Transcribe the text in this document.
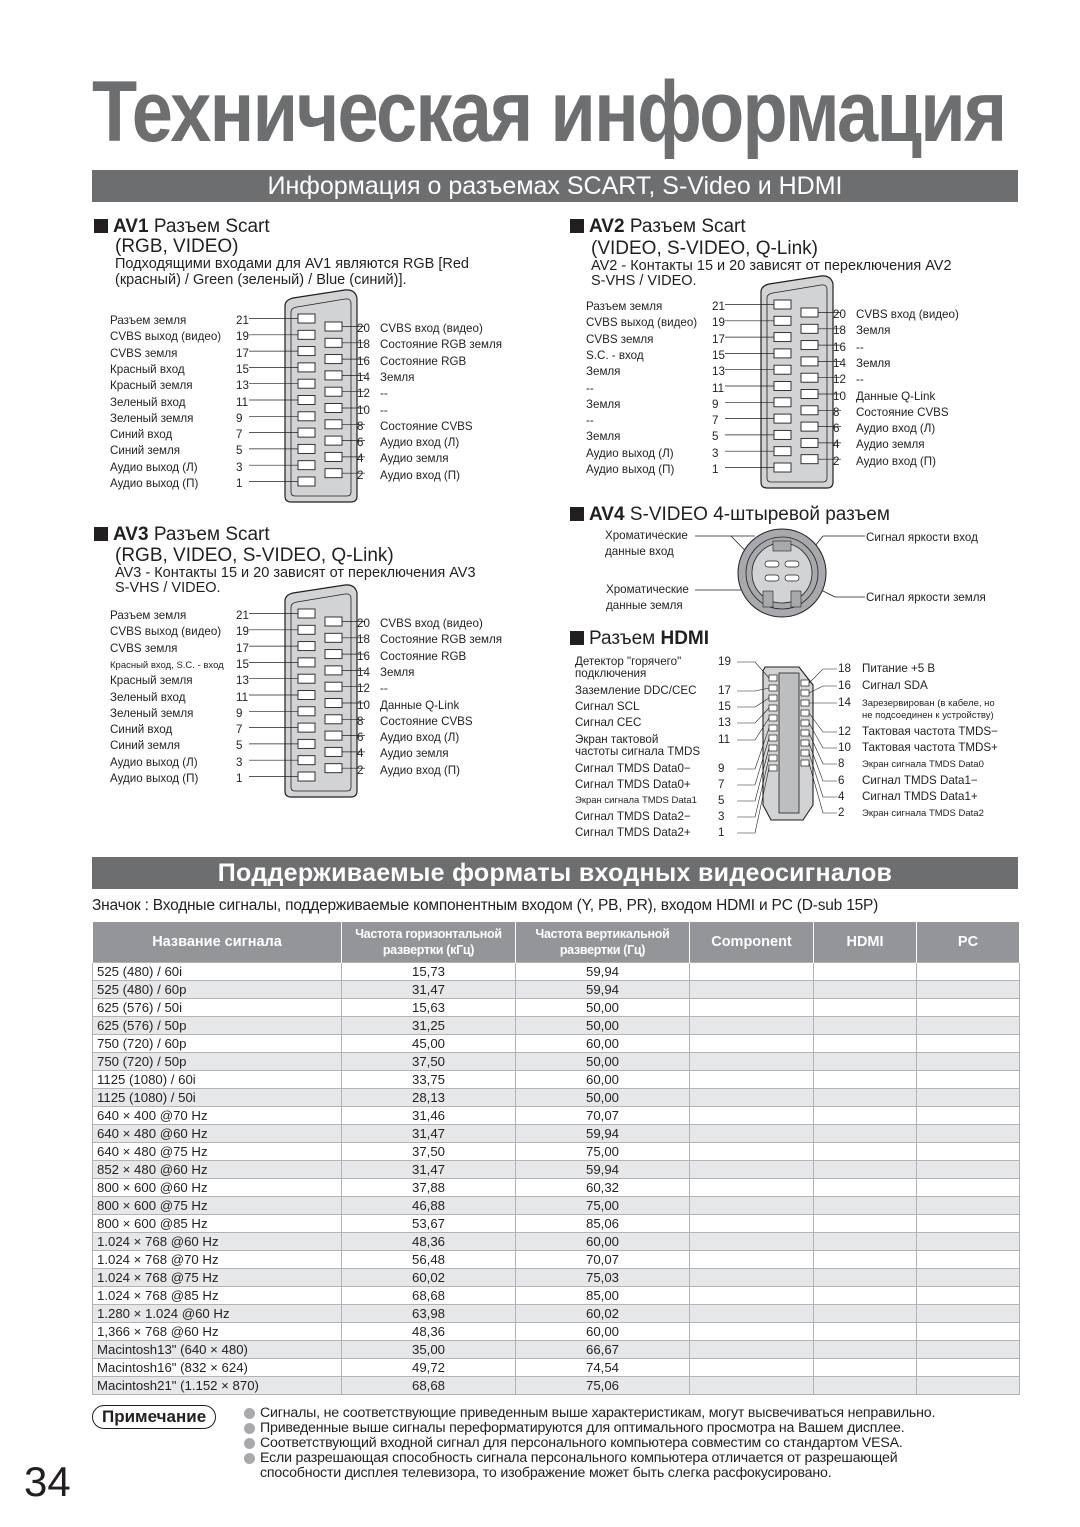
Техническая информация
Информация о разъемах SCART, S-Video и HDMI
AV1 Разъем Scart
(RGB, VIDEO)
Подходящими входами для AV1 являются RGB [Red
(красный) / Green (зеленый) / Blue (синий)].
Разъем земля	21
CVBS выход (видео) 19
CVBS земля	17
Красный вход	15
Красный земля	13
Зеленый вход	11
Зеленый земля	9
Синий вход	7
Синий земля	5
Аудио выход (Л)	3
Аудио выход (П)	1
20 CVBS вход (видео)
18 Состояние RGB земля
16 Состояние RGB
14 Земля
12 --
10 --
8 Состояние CVBS
6 Аудио вход (Л)
4 Аудио земля
2 Аудио вход (П)
AV2 Разъем Scart
(VIDEO, S-VIDEO, Q-Link)
AV2 - Контакты 15 и 20 зависят от переключения AV2
S-VHS / VIDEO.
Разъем земля	21
CVBS выход (видео) 19
CVBS земля	17
S.C. - вход	15
Земля	13
--	11
Земля	9
--	7
Земля	5
Аудио выход (Л)	3
Аудио выход (П)	1
20 CVBS вход (видео)
18 Земля
16 --
14 Земля
12 --
10 Данные Q-Link
8 Состояние CVBS
6 Аудио вход (Л)
4 Аудио земля
2 Аудио вход (П)
AV3 Разъем Scart
(RGB, VIDEO, S-VIDEO, Q-Link)
AV3 - Контакты 15 и 20 зависят от переключения AV3
S-VHS / VIDEO.
Разъем земля	21
CVBS выход (видео) 19
CVBS земля	17
Красный вход, S.C. - вход 15
Красный земля	13
Зеленый вход	11
Зеленый земля	9
Синий вход	7
Синий земля	5
Аудио выход (Л)	3
Аудио выход (П)	1
20 CVBS вход (видео)
18 Состояние RGB земля
16 Состояние RGB
14 Земля
12 --
10 Данные Q-Link
8 Состояние CVBS
6 Аудио вход (Л)
4 Аудио земля
2 Аудио вход (П)
AV4 S-VIDEO 4-штыревой разъем
Хроматические
данные вход
Хроматические
данные земля
Сигнал яркости вход
Сигнал яркости земля
Разъем HDMI
Детектор "горячего"
подключения
19
Заземление DDC/CEC 17
Сигнал SCL	15
Сигнал CEC	13
Экран тактовой
частоты сигнала TMDS
11
Сигнал TMDS Data0− 9
Сигнал TMDS Data0+ 7
Экран сигнала TMDS Data1 5
Сигнал TMDS Data2− 3
Сигнал TMDS Data2+ 1
18 Питание +5 В
16 Сигнал SDA
14 Зарезервирован (в кабеле, но
не подсоединен к устройству)
12 Тактовая частота TMDS−
10 Тактовая частота TMDS+
8 Экран сигнала TMDS Data0
6 Сигнал TMDS Data1−
4 Сигнал TMDS Data1+
2 Экран сигнала TMDS Data2
Поддерживаемые форматы входных видеосигналов
Значок : Входные сигналы, поддерживаемые компонентным входом (Y, PB, PR), входом HDMI и PC (D-sub 15P)
Название сигнала	Частота горизонтальной развертки (кГц)	Частота вертикальной развертки (Гц)	Component	HDMI	PC
525 (480) / 60i	15,73	59,94			
525 (480) / 60p	31,47	59,94			
625 (576) / 50i	15,63	50,00			
625 (576) / 50p	31,25	50,00			
750 (720) / 60p	45,00	60,00			
750 (720) / 50p	37,50	50,00			
1125 (1080) / 60i	33,75	60,00			
1125 (1080) / 50i	28,13	50,00			
640 × 400 @70 Hz	31,46	70,07			
640 × 480 @60 Hz	31,47	59,94			
640 × 480 @75 Hz	37,50	75,00			
852 × 480 @60 Hz	31,47	59,94			
800 × 600 @60 Hz	37,88	60,32			
800 × 600 @75 Hz	46,88	75,00			
800 × 600 @85 Hz	53,67	85,06			
1.024 × 768 @60 Hz	48,36	60,00			
1.024 × 768 @70 Hz	56,48	70,07			
1.024 × 768 @75 Hz	60,02	75,03			
1.024 × 768 @85 Hz	68,68	85,00			
1.280 × 1.024 @60 Hz	63,98	60,02			
1,366 × 768 @60 Hz	48,36	60,00			
Macintosh13" (640 × 480)	35,00	66,67			
Macintosh16" (832 × 624)	49,72	74,54			
Macintosh21" (1.152 × 870)	68,68	75,06			
Примечание	Сигналы, не соответствующие приведенным выше характеристикам, могут высвечиваться неправильно.
Приведенные выше сигналы переформатируются для оптимального просмотра на Вашем дисплее.
Соответствующий входной сигнал для персонального компьютера совместим со стандартом VESA.
Если разрешающая способность сигнала персонального компьютера отличается от разрешающей
способности дисплея телевизора, то изображение может быть слегка расфокусировано.
34
